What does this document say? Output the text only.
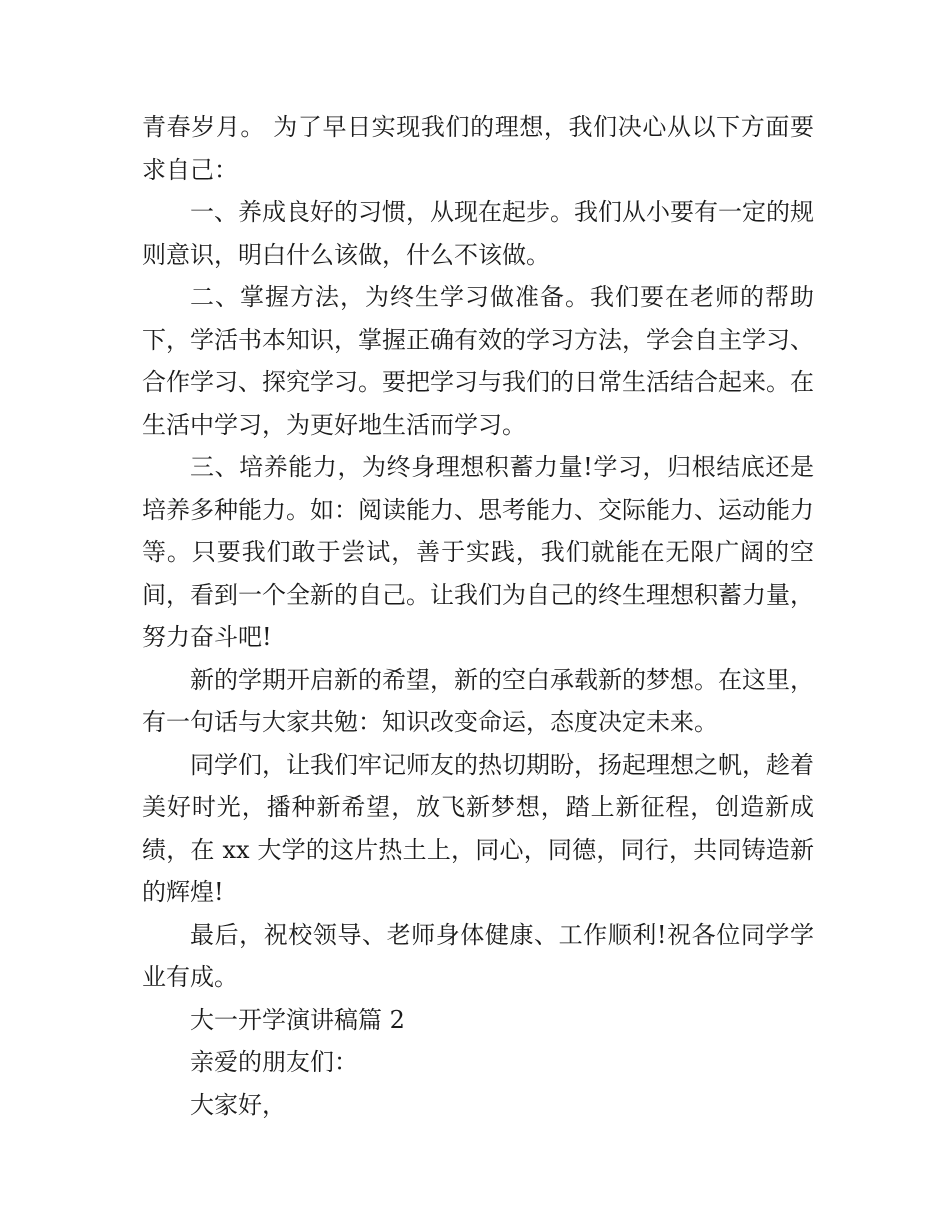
青春岁月。 为了早日实现我们的理想，我们决心从以下方面要求自己：

一、养成良好的习惯，从现在起步。我们从小要有一定的规则意识，明白什么该做，什么不该做。

二、掌握方法，为终生学习做准备。我们要在老师的帮助下，学活书本知识，掌握正确有效的学习方法，学会自主学习、合作学习、探究学习。要把学习与我们的日常生活结合起来。在生活中学习，为更好地生活而学习。

三、培养能力，为终身理想积蓄力量!学习，归根结底还是培养多种能力。如：阅读能力、思考能力、交际能力、运动能力等。只要我们敢于尝试，善于实践，我们就能在无限广阔的空间，看到一个全新的自己。让我们为自己的终生理想积蓄力量，努力奋斗吧!

新的学期开启新的希望，新的空白承载新的梦想。在这里，有一句话与大家共勉：知识改变命运，态度决定未来。

同学们，让我们牢记师友的热切期盼，扬起理想之帆，趁着美好时光，播种新希望，放飞新梦想，踏上新征程，创造新成绩，在 xx 大学的这片热土上，同心，同德，同行，共同铸造新的辉煌!

最后，祝校领导、老师身体健康、工作顺利!祝各位同学学业有成。

大一开学演讲稿篇 2

亲爱的朋友们：

大家好，
